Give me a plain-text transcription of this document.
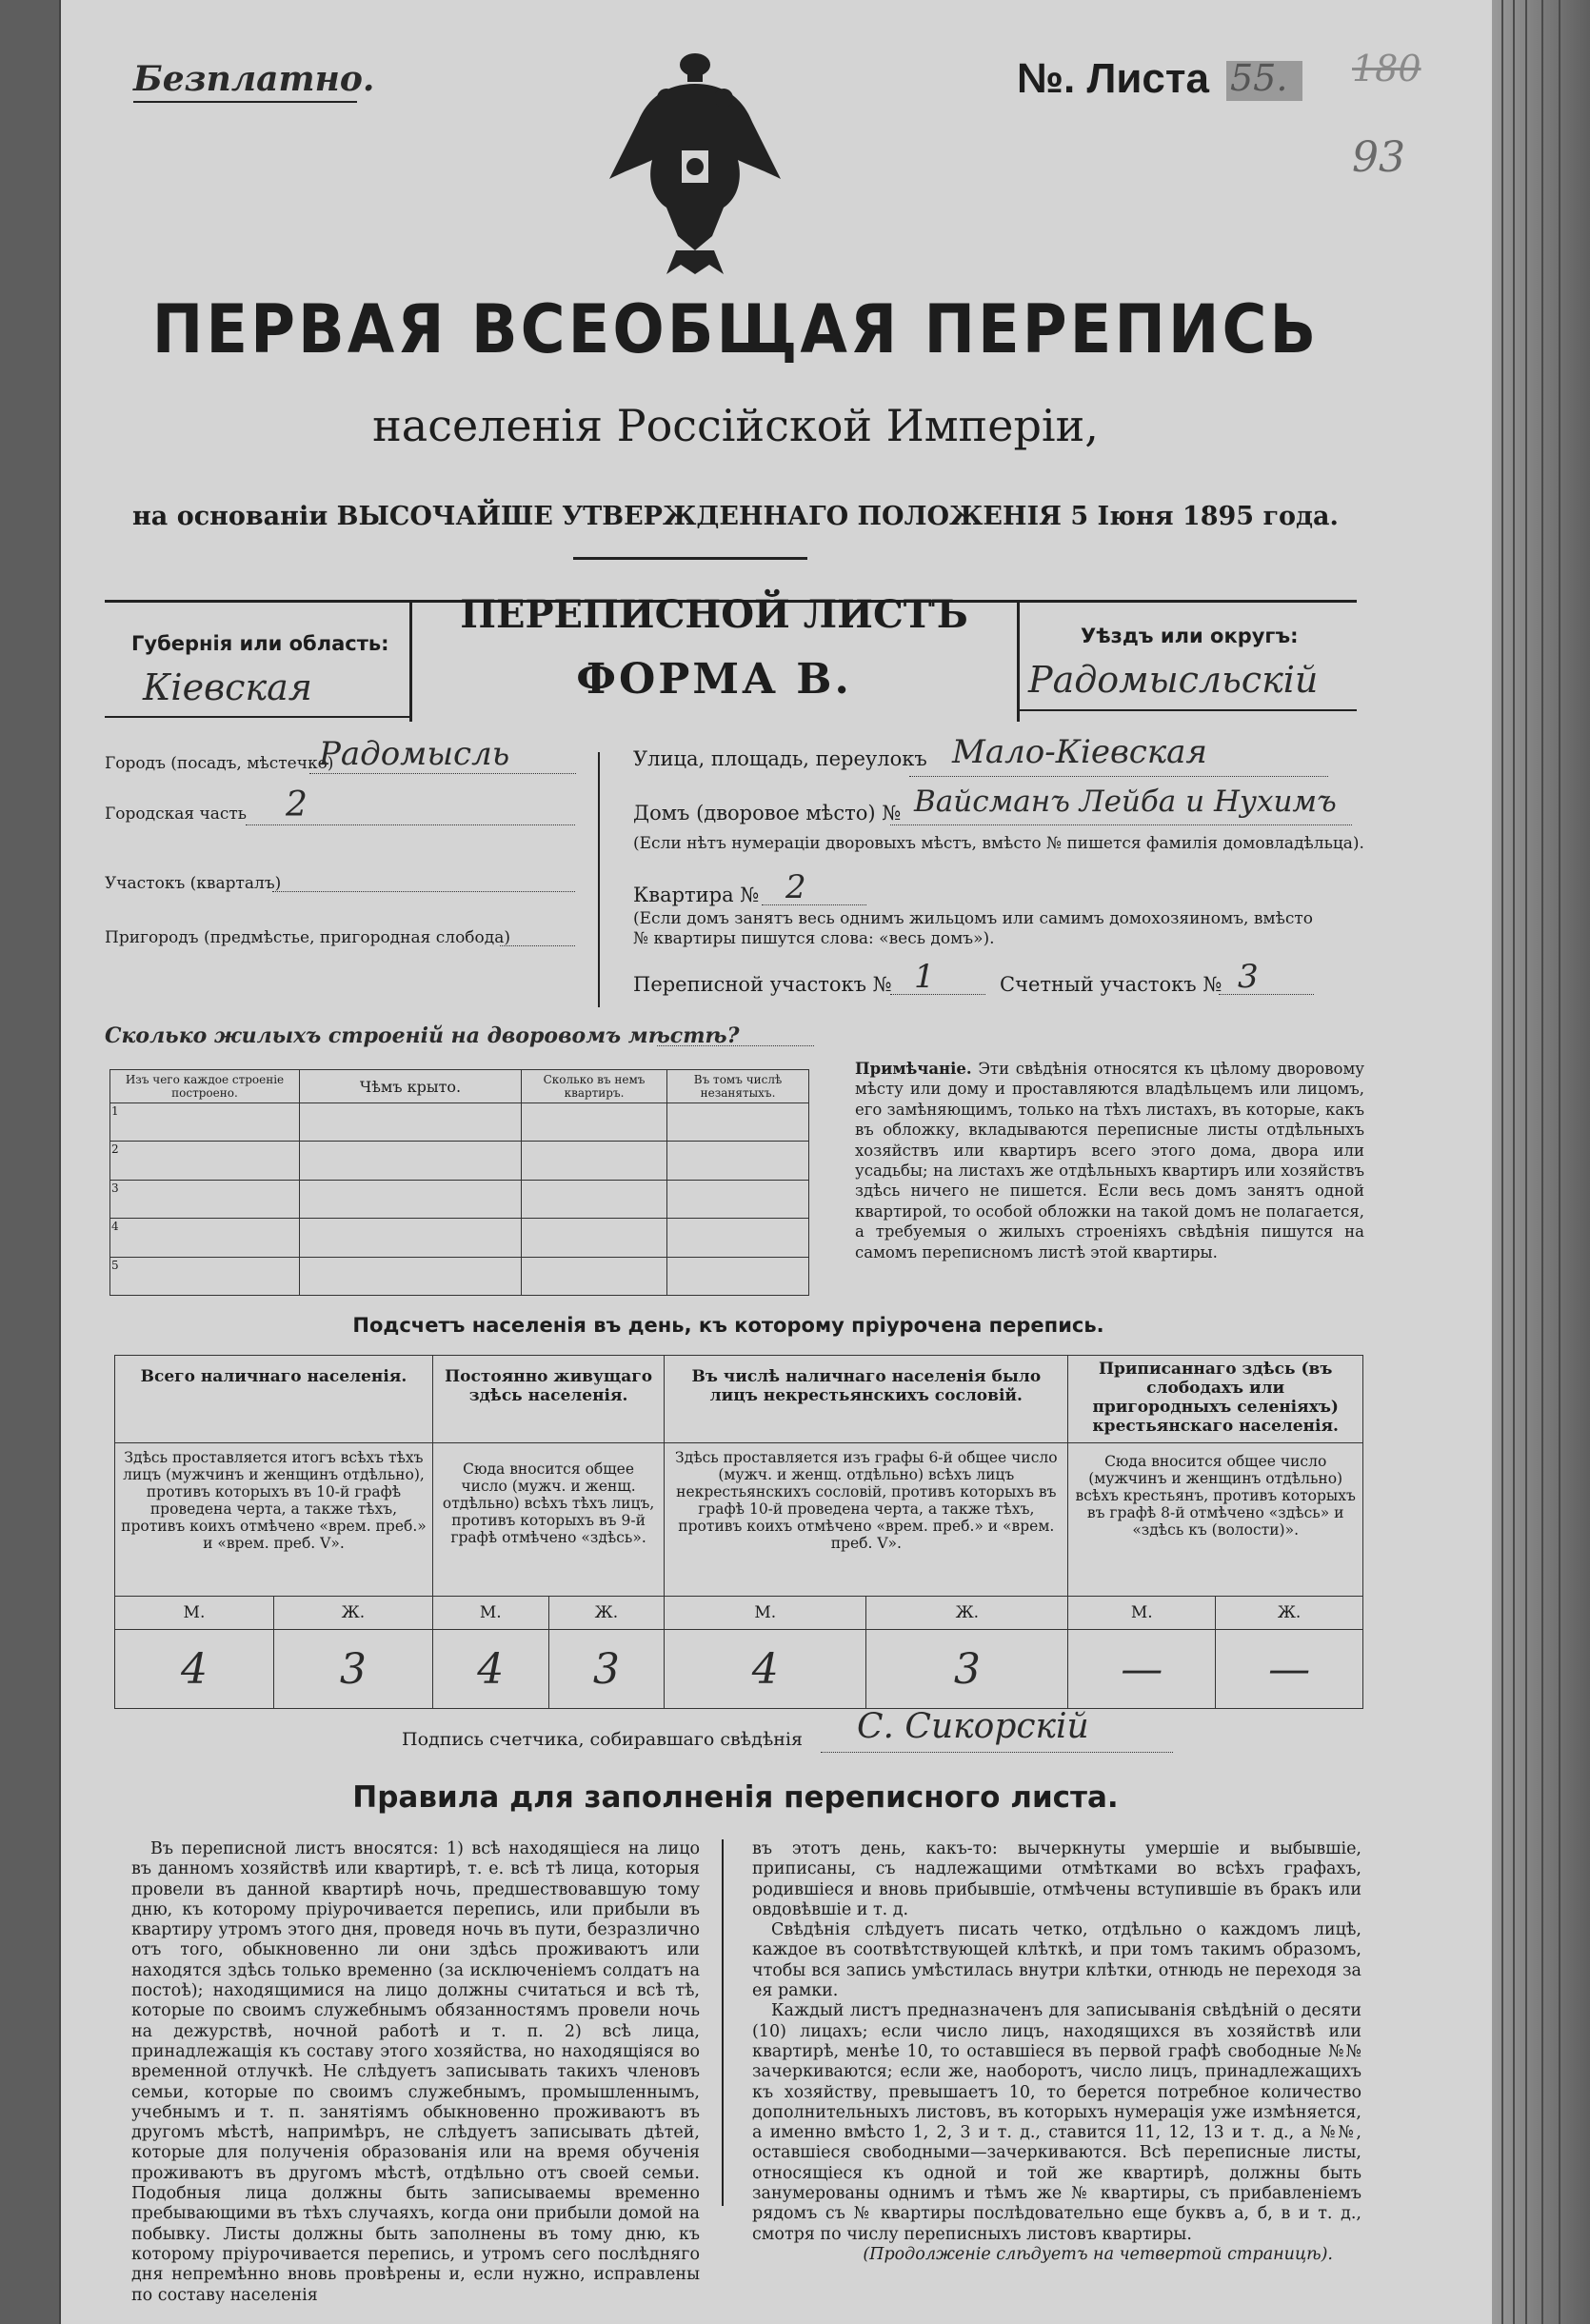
Безплатно.	№. Листа 55. 180
93
ПЕРВАЯ ВСЕОБЩАЯ ПЕРЕПИСЬ
населенія Россійской Имперіи,
на основаніи ВЫСОЧАЙШЕ УТВЕРЖДЕННАГО ПОЛОЖЕНІЯ 5 Іюня 1895 года.
ПЕРЕПИСНОЙ ЛИСТЪ
ФОРМА В.
Губернія или область:
Кіевская
Уѣздъ или округъ:
Радомысльскій
Городъ (посадъ, мѣстечко)
Радомысль
Городская часть 2
Участокъ (кварталъ)
Пригородъ (предмѣстье, пригородная слобода)
Улица, площадь, переулокъ Мало-Кіевская
Домъ (дворовое мѣсто) № Вайсманъ Лейба и Нухимъ
(Если нѣтъ нумераціи дворовыхъ мѣстъ, вмѣсто № пишется фамилія домовладѣльца).
Квартира № 2
(Если домъ занятъ весь однимъ жильцомъ или самимъ домохозяиномъ, вмѣсто
№ квартиры пишутся слова: «весь домъ»).
Переписной участокъ № 1	Счетный участокъ № 3
Сколько жилыхъ строеній на дворовомъ мѣстѣ?
Изъ чего каждое строеніе построено.	Чѣмъ крыто.	Сколько въ немъ квартиръ.	Въ томъ числѣ незанятыхъ.
1			
2			
3			
4			
5			
Примѣчаніе. Эти свѣдѣнія относятся къ цѣлому дворовому мѣсту или дому и проставляются владѣльцемъ или лицомъ, его замѣняющимъ, только на тѣхъ листахъ, въ которые, какъ въ обложку, вкладываются переписные листы отдѣльныхъ хозяйствъ или квартиръ всего этого дома, двора или усадьбы; на листахъ же отдѣльныхъ квартиръ или хозяйствъ здѣсь ничего не пишется. Если весь домъ занятъ одной квартирой, то особой обложки на такой домъ не полагается, а требуемыя о жилыхъ строеніяхъ свѣдѣнія пишутся на самомъ переписномъ листѣ этой квартиры.
Подсчетъ населенія въ день, къ которому пріурочена перепись.
Всего наличнаго населенія.		Постоянно живущаго здѣсь населенія.		Въ числѣ наличнаго населенія было лицъ некрестьянскихъ сословій.		Приписаннаго здѣсь (въ слободахъ или пригородныхъ селеніяхъ) крестьянскаго населенія.	
Здѣсь проставляется итогъ всѣхъ тѣхъ лицъ (мужчинъ и женщинъ отдѣльно), противъ которыхъ въ 10-й графѣ проведена черта, а также тѣхъ, противъ коихъ отмѣчено «врем. преб.» и «врем. преб. V».		Сюда вносится общее число (мужч. и женщ. отдѣльно) всѣхъ тѣхъ лицъ, противъ которыхъ въ 9-й графѣ отмѣчено «здѣсь».		Здѣсь проставляется изъ графы 6-й общее число (мужч. и женщ. отдѣльно) всѣхъ лицъ некрестьянскихъ сословій, противъ которыхъ въ графѣ 10-й проведена черта, а также тѣхъ, противъ коихъ отмѣчено «врем. преб.» и «врем. преб. V».		Сюда вносится общее число (мужчинъ и женщинъ отдѣльно) всѣхъ крестьянъ, противъ которыхъ въ графѣ 8-й отмѣчено «здѣсь» и «здѣсь къ (волости)».	
М.	Ж.	М.	Ж.	М.	Ж.	М.	Ж.
4	3	4	3	4	3	—	—
Подпись счетчика, собиравшаго свѣдѣнія С. Сикорскій
Правила для заполненія переписного листа.
Въ переписной листъ вносятся: 1) всѣ находящіеся на лицо въ данномъ хозяйствѣ или квартирѣ, т. е. всѣ тѣ лица, которыя провели въ данной квартирѣ ночь, предшествовавшую тому дню, къ которому пріурочивается перепись, или прибыли въ квартиру утромъ этого дня, проведя ночь въ пути, безразлично отъ того, обыкновенно ли они здѣсь проживаютъ или находятся здѣсь только временно (за исключеніемъ солдатъ на постоѣ); находящимися на лицо должны считаться и всѣ тѣ, которые по своимъ служебнымъ обязанностямъ провели ночь на дежурствѣ, ночной работѣ и т. п. 2) всѣ лица, принадлежащія къ составу этого хозяйства, но находящіяся во временной отлучкѣ. Не слѣдуетъ записывать такихъ членовъ семьи, которые по своимъ служебнымъ, промышленнымъ, учебнымъ и т. п. занятіямъ обыкновенно проживаютъ въ другомъ мѣстѣ, напримѣръ, не слѣдуетъ записывать дѣтей, которые для полученія образованія или на время обученія проживаютъ въ другомъ мѣстѣ, отдѣльно отъ своей семьи. Подобныя лица должны быть записываемы временно пребывающими въ тѣхъ случаяхъ, когда они прибыли домой на побывку. Листы должны быть заполнены въ тому дню, къ которому пріурочивается перепись, и утромъ сего послѣдняго дня непремѣнно вновь провѣрены и, если нужно, исправлены по составу населенія
въ этотъ день, какъ-то: вычеркнуты умершіе и выбывшіе, приписаны, съ надлежащими отмѣтками во всѣхъ графахъ, родившіеся и вновь прибывшіе, отмѣчены вступившіе въ бракъ или овдовѣвшіе и т. д.
Свѣдѣнія слѣдуетъ писать четко, отдѣльно о каждомъ лицѣ, каждое въ соотвѣтствующей клѣткѣ, и при томъ такимъ образомъ, чтобы вся запись умѣстилась внутри клѣтки, отнюдь не переходя за ея рамки.
Каждый листъ предназначенъ для записыванія свѣдѣній о десяти (10) лицахъ; если число лицъ, находящихся въ хозяйствѣ или квартирѣ, менѣе 10, то оставшіеся въ первой графѣ свободные №№ зачеркиваются; если же, наоборотъ, число лицъ, принадлежащихъ къ хозяйству, превышаетъ 10, то берется потребное количество дополнительныхъ листовъ, въ которыхъ нумерація уже измѣняется, а именно вмѣсто 1, 2, 3 и т. д., ставится 11, 12, 13 и т. д., а №№, оставшіеся свободными—зачеркиваются. Всѣ переписные листы, относящіеся къ одной и той же квартирѣ, должны быть занумерованы однимъ и тѣмъ же № квартиры, съ прибавленіемъ рядомъ съ № квартиры послѣдовательно еще буквъ а, б, в и т. д., смотря по числу переписныхъ листовъ квартиры.
(Продолженіе слѣдуетъ на четвертой страницѣ).
